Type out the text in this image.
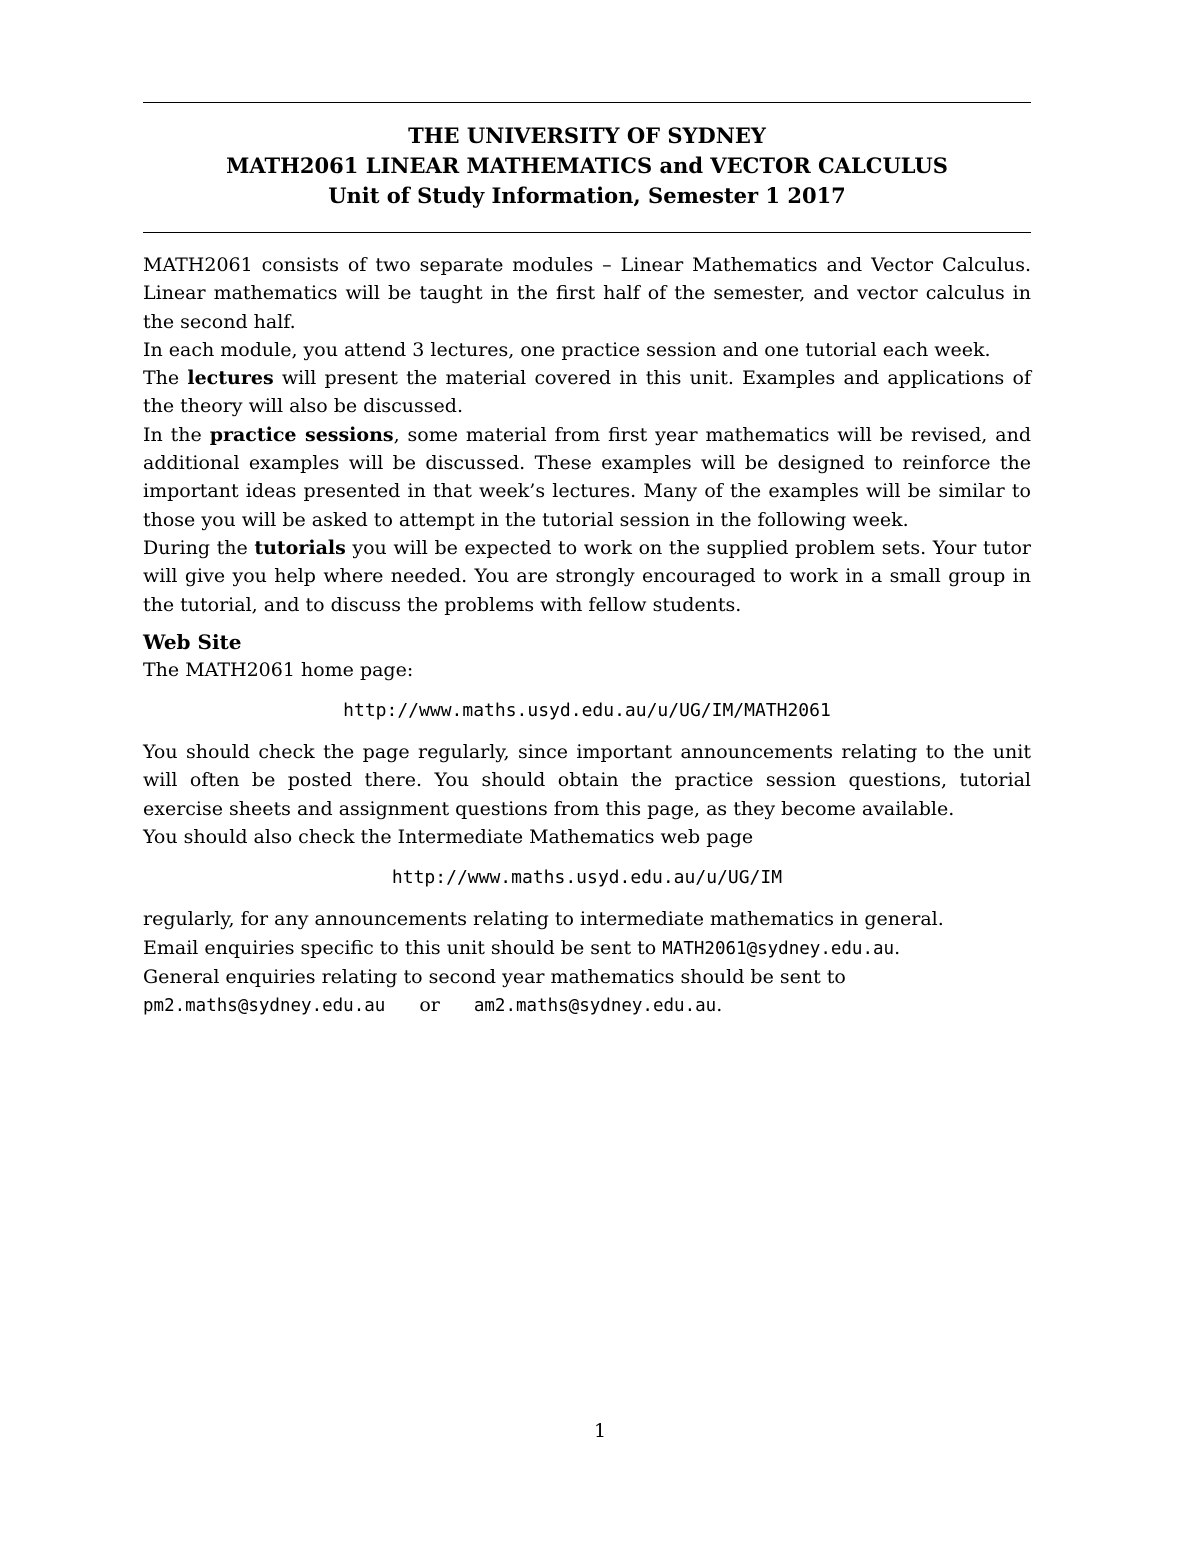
THE UNIVERSITY OF SYDNEY
MATH2061 LINEAR MATHEMATICS and VECTOR CALCULUS
Unit of Study Information, Semester 1 2017

MATH2061 consists of two separate modules – Linear Mathematics and Vector Calculus. Linear mathematics will be taught in the first half of the semester, and vector calculus in the second half.

In each module, you attend 3 lectures, one practice session and one tutorial each week.

The lectures will present the material covered in this unit. Examples and applications of the theory will also be discussed.

In the practice sessions, some material from first year mathematics will be revised, and additional examples will be discussed. These examples will be designed to reinforce the important ideas presented in that week’s lectures. Many of the examples will be similar to those you will be asked to attempt in the tutorial session in the following week.

During the tutorials you will be expected to work on the supplied problem sets. Your tutor will give you help where needed. You are strongly encouraged to work in a small group in the tutorial, and to discuss the problems with fellow students.

Web Site

The MATH2061 home page:

http://www.maths.usyd.edu.au/u/UG/IM/MATH2061

You should check the page regularly, since important announcements relating to the unit will often be posted there. You should obtain the practice session questions, tutorial exercise sheets and assignment questions from this page, as they become available.

You should also check the Intermediate Mathematics web page

http://www.maths.usyd.edu.au/u/UG/IM

regularly, for any announcements relating to intermediate mathematics in general.

Email enquiries specific to this unit should be sent to MATH2061@sydney.edu.au.

General enquiries relating to second year mathematics should be sent to

pm2.maths@sydney.edu.au or am2.maths@sydney.edu.au.

1
